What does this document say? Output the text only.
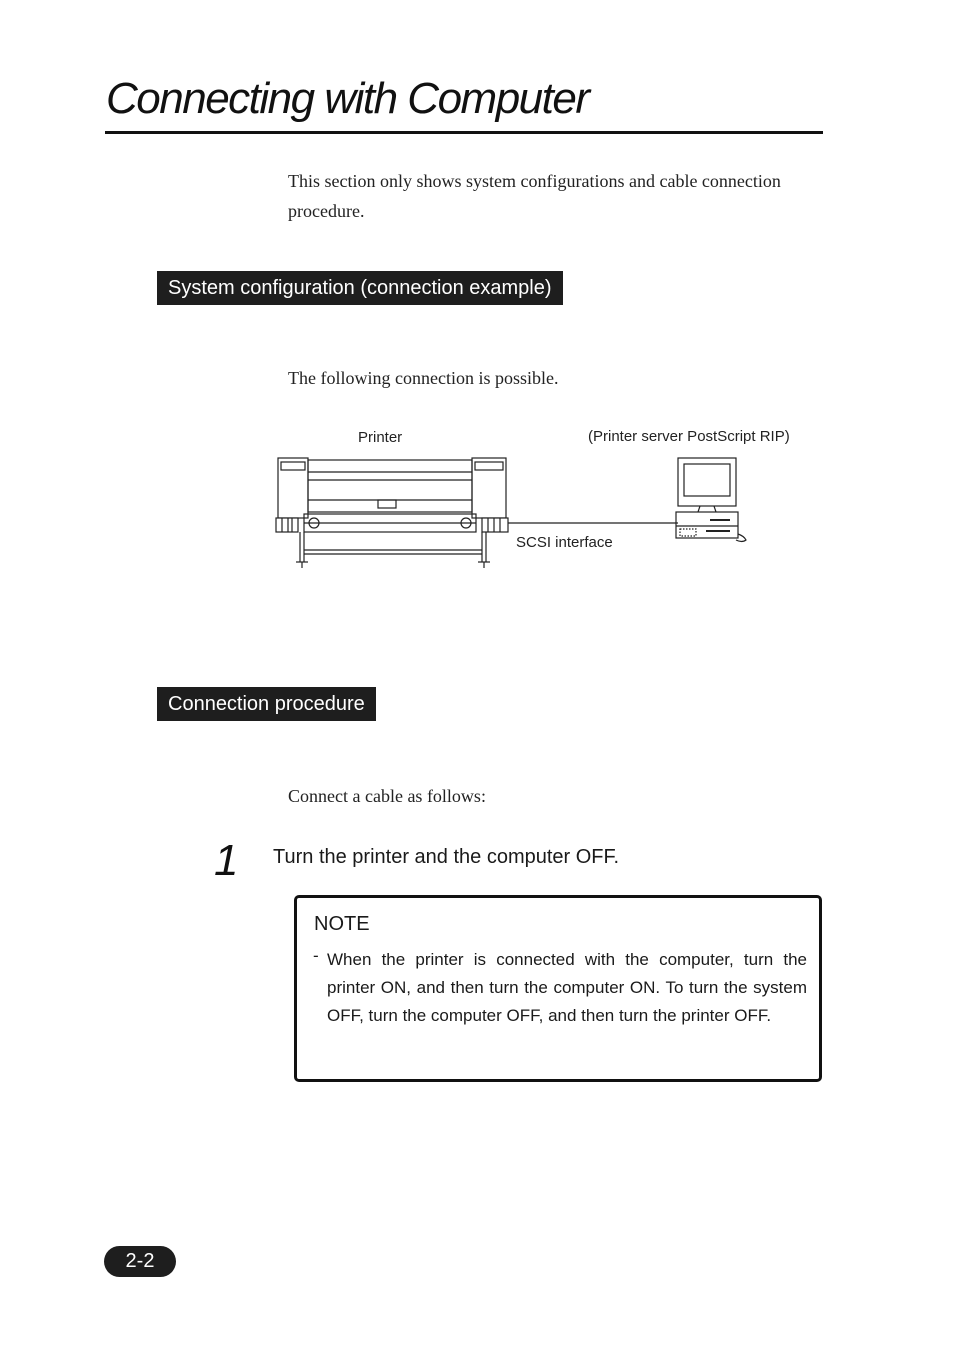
Connecting with Computer
This section only shows system configurations and cable connection procedure.
System configuration (connection example)
The following connection is possible.
Printer	(Printer server PostScript RIP)
SCSI interface
Connection procedure
Connect a cable as follows:
1 Turn the printer and the computer OFF.
NOTE
- When the printer is connected with the computer, turn the printer ON, and then turn the computer ON. To turn the system OFF, turn the computer OFF, and then turn the printer OFF.
2-2
